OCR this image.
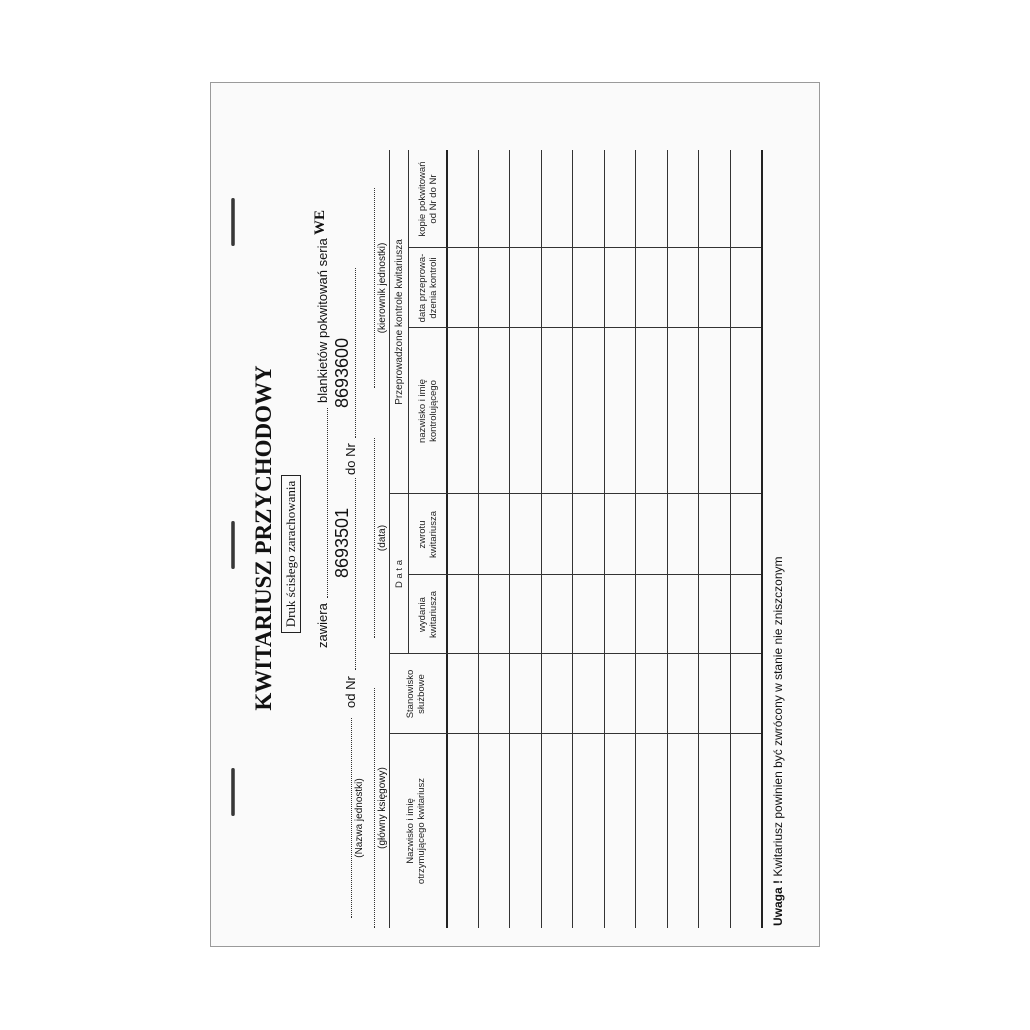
KWITARIUSZ PRZYCHODOWY Druk ścisłego zarachowania zawiera
blankietów pokwitowań seria
WE
od Nr
8693501
do Nr
8693600
(Nazwa jednostki) (główny księgowy)
(data)
(kierownik jednostki)
Nazwisko i imię otrzymującego kwitariusz
Stanowisko służbowe
D a t a
wydania kwitariusza
zwrotu kwitariusza
Przeprowadzone kontrole kwitariusza
nazwisko i imię kontrolującego
data przeprowa- dzenia kontroli
kopie pokwitowań od Nr do Nr
Uwaga ! Kwitariusz powinien być zwrócony w stanie nie zniszczonym
